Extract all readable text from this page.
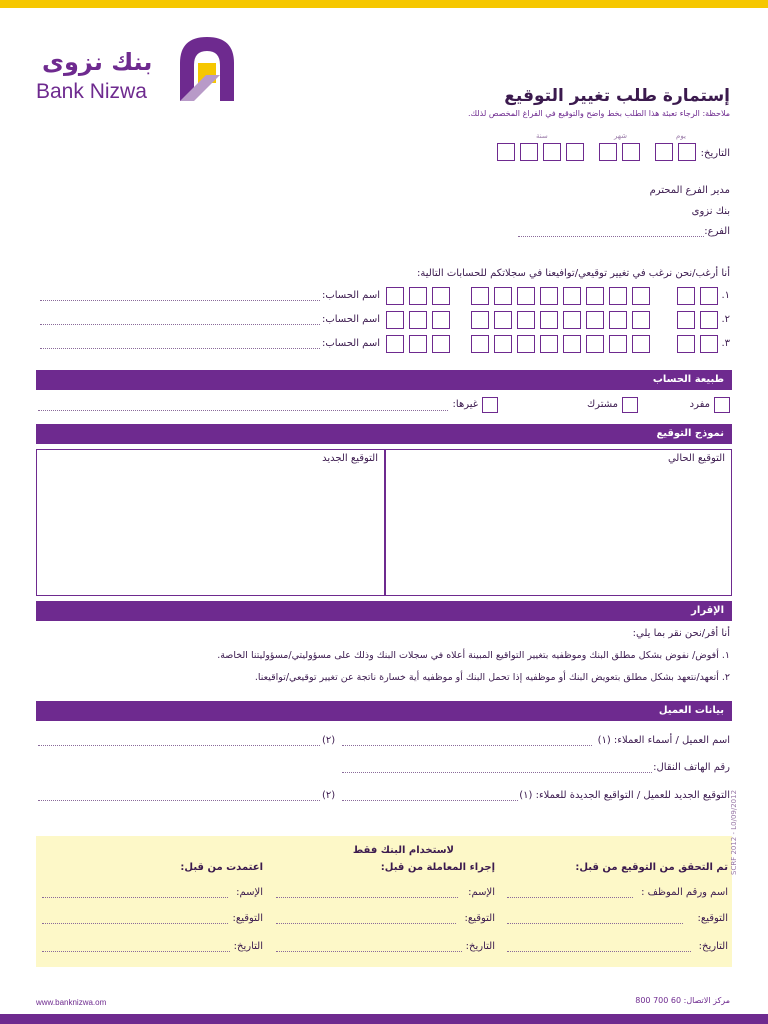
بنك نزوى
Bank Nizwa	إستمارة طلب تغيير التوقيع
ملاحظة: الرجاء تعبئة هذا الطلب بخط واضح والتوقيع في الفراغ المخصص لذلك.
التاريخ:
يوم
شهر
سنة
مدير الفرع المحترم
بنك نزوى
الفرع:
أنا أرغب/نحن نرغب في تغيير توقيعي/توافيعنا في سجلاتكم للحسابات التالية:
١.
اسم الحساب:
٢.
اسم الحساب:
٣.
اسم الحساب:
طبيعة الحساب
مفرد
مشترك
غيرها:
نموذج التوقيع
التوقيع الحالي
التوقيع الجديد
الإقرار
أنا أقر/نحن نقر بما يلي:
١. أفوض/ نفوض بشكل مطلق البنك وموظفيه بتغيير التواقيع المبينة أعلاه في سجلات البنك وذلك على مسؤوليتي/مسؤوليتنا الخاصة.
٢. أتعهد/نتعهد بشكل مطلق بتعويض البنك أو موظفيه إذا تحمل البنك أو موظفيه أية خسارة ناتجة عن تغيير توقيعي/تواقيعنا.
بيانات العميل
اسم العميل / أسماء العملاء: (١)
(٢)
رقم الهاتف النقال:
التوقيع الجديد للعميل / التواقيع الجديدة للعملاء: (١)
(٢)
لاستخدام البنك فقط
تم التحقق من التوقيع من قبل:
اسم ورقم الموظف :
التوقيع:
التاريخ:
إجراء المعاملة من قبل:
الإسم:
التوقيع:
التاريخ:
اعتمدت من قبل:
الإسم:
التوقيع:
التاريخ:
SCRF 2012 - L0/09/2012
www.banknizwa.om	مركز الاتصال: 60 700 800
